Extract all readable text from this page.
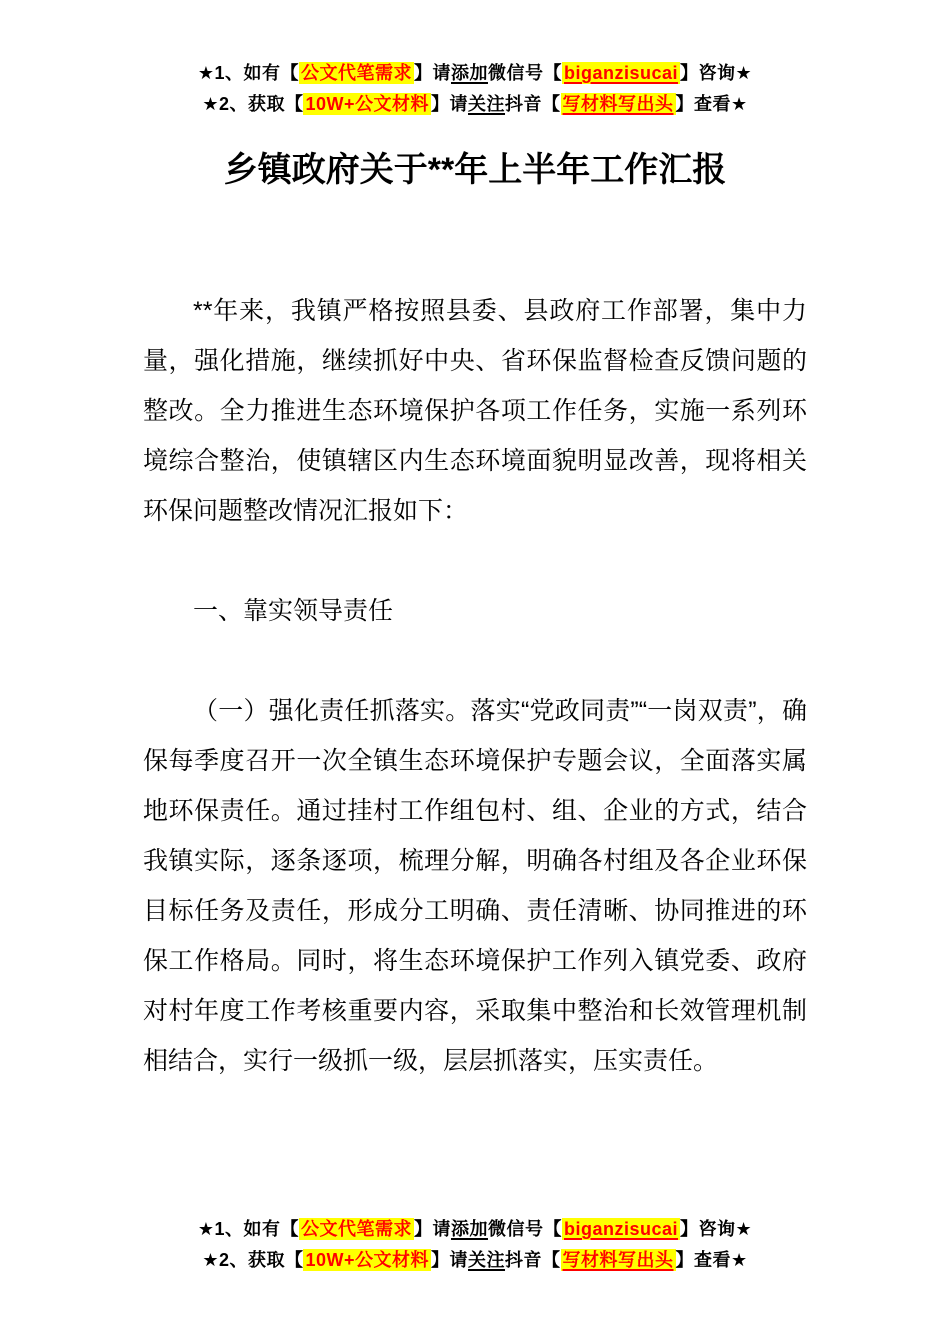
★1、如有【 公文代笔需求 】请添加微信号【 biganzisucai 】咨询★
★2、获取【 10W+公文材料 】请关注抖音【 写材料写出头 】查看★
乡镇政府关于**年上半年工作汇报

**年来，我镇严格按照县委、县政府工作部署，集中力量，强化措施，继续抓好中央、省环保监督检查反馈问题的整改。全力推进生态环境保护各项工作任务，实施一系列环境综合整治，使镇辖区内生态环境面貌明显改善，现将相关环保问题整改情况汇报如下：

一、靠实领导责任

（一）强化责任抓落实。落实“党政同责”“一岗双责”，确保每季度召开一次全镇生态环境保护专题会议，全面落实属地环保责任。通过挂村工作组包村、组、企业的方式，结合我镇实际，逐条逐项，梳理分解，明确各村组及各企业环保目标任务及责任，形成分工明确、责任清晰、协同推进的环保工作格局。同时，将生态环境保护工作列入镇党委、政府对村年度工作考核重要内容，采取集中整治和长效管理机制相结合，实行一级抓一级，层层抓落实，压实责任。

★1、如有【 公文代笔需求 】请添加微信号【 biganzisucai 】咨询★
★2、获取【 10W+公文材料 】请关注抖音【 写材料写出头 】查看★
